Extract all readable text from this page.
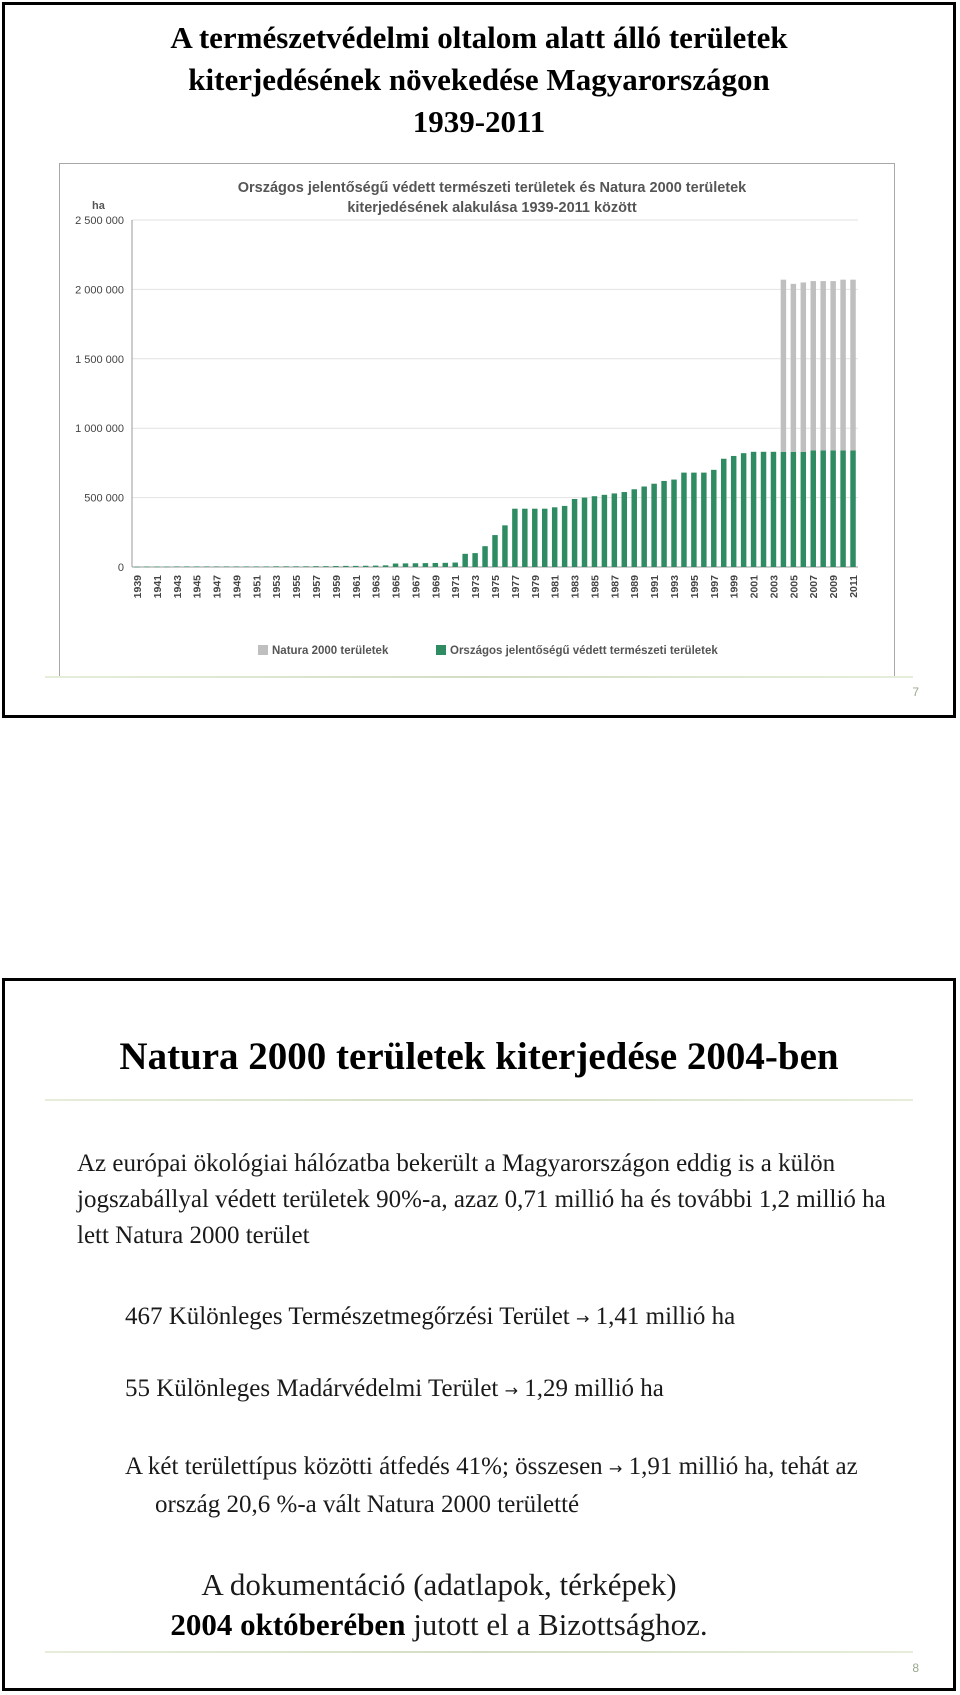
A természetvédelmi oltalom alatt álló területek
kiterjedésének növekedése Magyarországon
1939-2011
Országos jelentőségű védett természeti területek és Natura 2000 területek
kiterjedésének alakulása 1939-2011 között
ha
0
500 000
1 000 000
1 500 000
2 000 000
2 500 000
1939 1941 1943 1945 1947 1949 1951 1953 1955 1957 1959 1961 1963 1965 1967 1969 1971 1973 1975 1977 1979 1981 1983 1985 1987 1989 1991 1993 1995 1997 1999 2001 2003 2005 2007 2009 2011
Natura 2000 területek	Országos jelentőségű védett természeti területek
7
Natura 2000 területek kiterjedése 2004-ben
Az európai ökológiai hálózatba bekerült a Magyarországon eddig is a külön jogszabállyal védett területek 90%-a, azaz 0,71 millió ha és további 1,2 millió ha lett Natura 2000 terület
467 Különleges Természetmegőrzési Terület → 1,41 millió ha
55 Különleges Madárvédelmi Terület → 1,29 millió ha
A két területtípus közötti átfedés 41%; összesen → 1,91 millió ha, tehát az ország 20,6 %-a vált Natura 2000 területté
A dokumentáció (adatlapok, térképek)
2004 októberében jutott el a Bizottsághoz.
8
